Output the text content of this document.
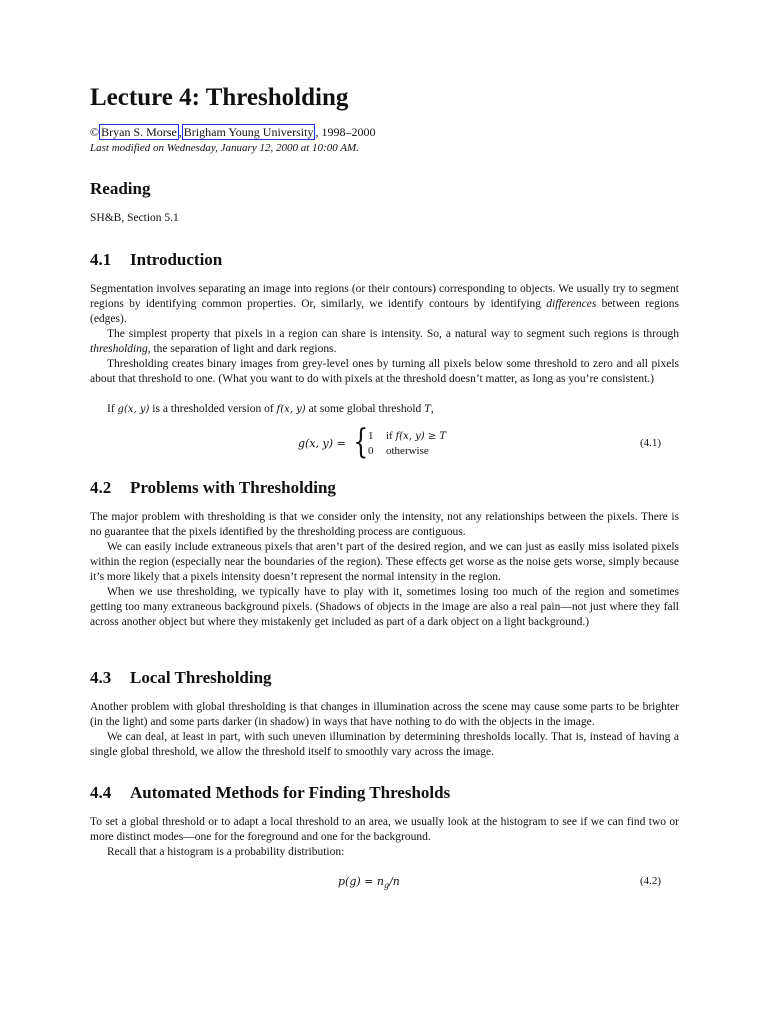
Lecture 4: Thresholding
© Bryan S. Morse , Brigham Young University , 1998–2000
Last modified on Wednesday, January 12, 2000 at 10:00 AM.
Reading
SH&B, Section 5.1
4.1 Introduction

Segmentation involves separating an image into regions (or their contours) corresponding to objects. We usually try to segment regions by identifying common properties. Or, similarly, we identify contours by identifying differences between regions (edges).

The simplest property that pixels in a region can share is intensity. So, a natural way to segment such regions is through thresholding, the separation of light and dark regions.

Thresholding creates binary images from grey-level ones by turning all pixels below some threshold to zero and all pixels about that threshold to one. (What you want to do with pixels at the threshold doesn’t matter, as long as you’re consistent.)

If g(x, y) is a thresholded version of f(x, y) at some global threshold T,

g(x, y) = { 1 if f(x, y) ≥ T
0 otherwise
(4.1)
4.2 Problems with Thresholding

The major problem with thresholding is that we consider only the intensity, not any relationships between the pixels. There is no guarantee that the pixels identified by the thresholding process are contiguous.

We can easily include extraneous pixels that aren’t part of the desired region, and we can just as easily miss isolated pixels within the region (especially near the boundaries of the region). These effects get worse as the noise gets worse, simply because it’s more likely that a pixels intensity doesn’t represent the normal intensity in the region.

When we use thresholding, we typically have to play with it, sometimes losing too much of the region and sometimes getting too many extraneous background pixels. (Shadows of objects in the image are also a real pain—not just where they fall across another object but where they mistakenly get included as part of a dark object on a light background.)

4.3 Local Thresholding

Another problem with global thresholding is that changes in illumination across the scene may cause some parts to be brighter (in the light) and some parts darker (in shadow) in ways that have nothing to do with the objects in the image.

We can deal, at least in part, with such uneven illumination by determining thresholds locally. That is, instead of having a single global threshold, we allow the threshold itself to smoothly vary across the image.

4.4 Automated Methods for Finding Thresholds

To set a global threshold or to adapt a local threshold to an area, we usually look at the histogram to see if we can find two or more distinct modes—one for the foreground and one for the background.

Recall that a histogram is a probability distribution:

$p(g) = n_g/n$	(4.2)
